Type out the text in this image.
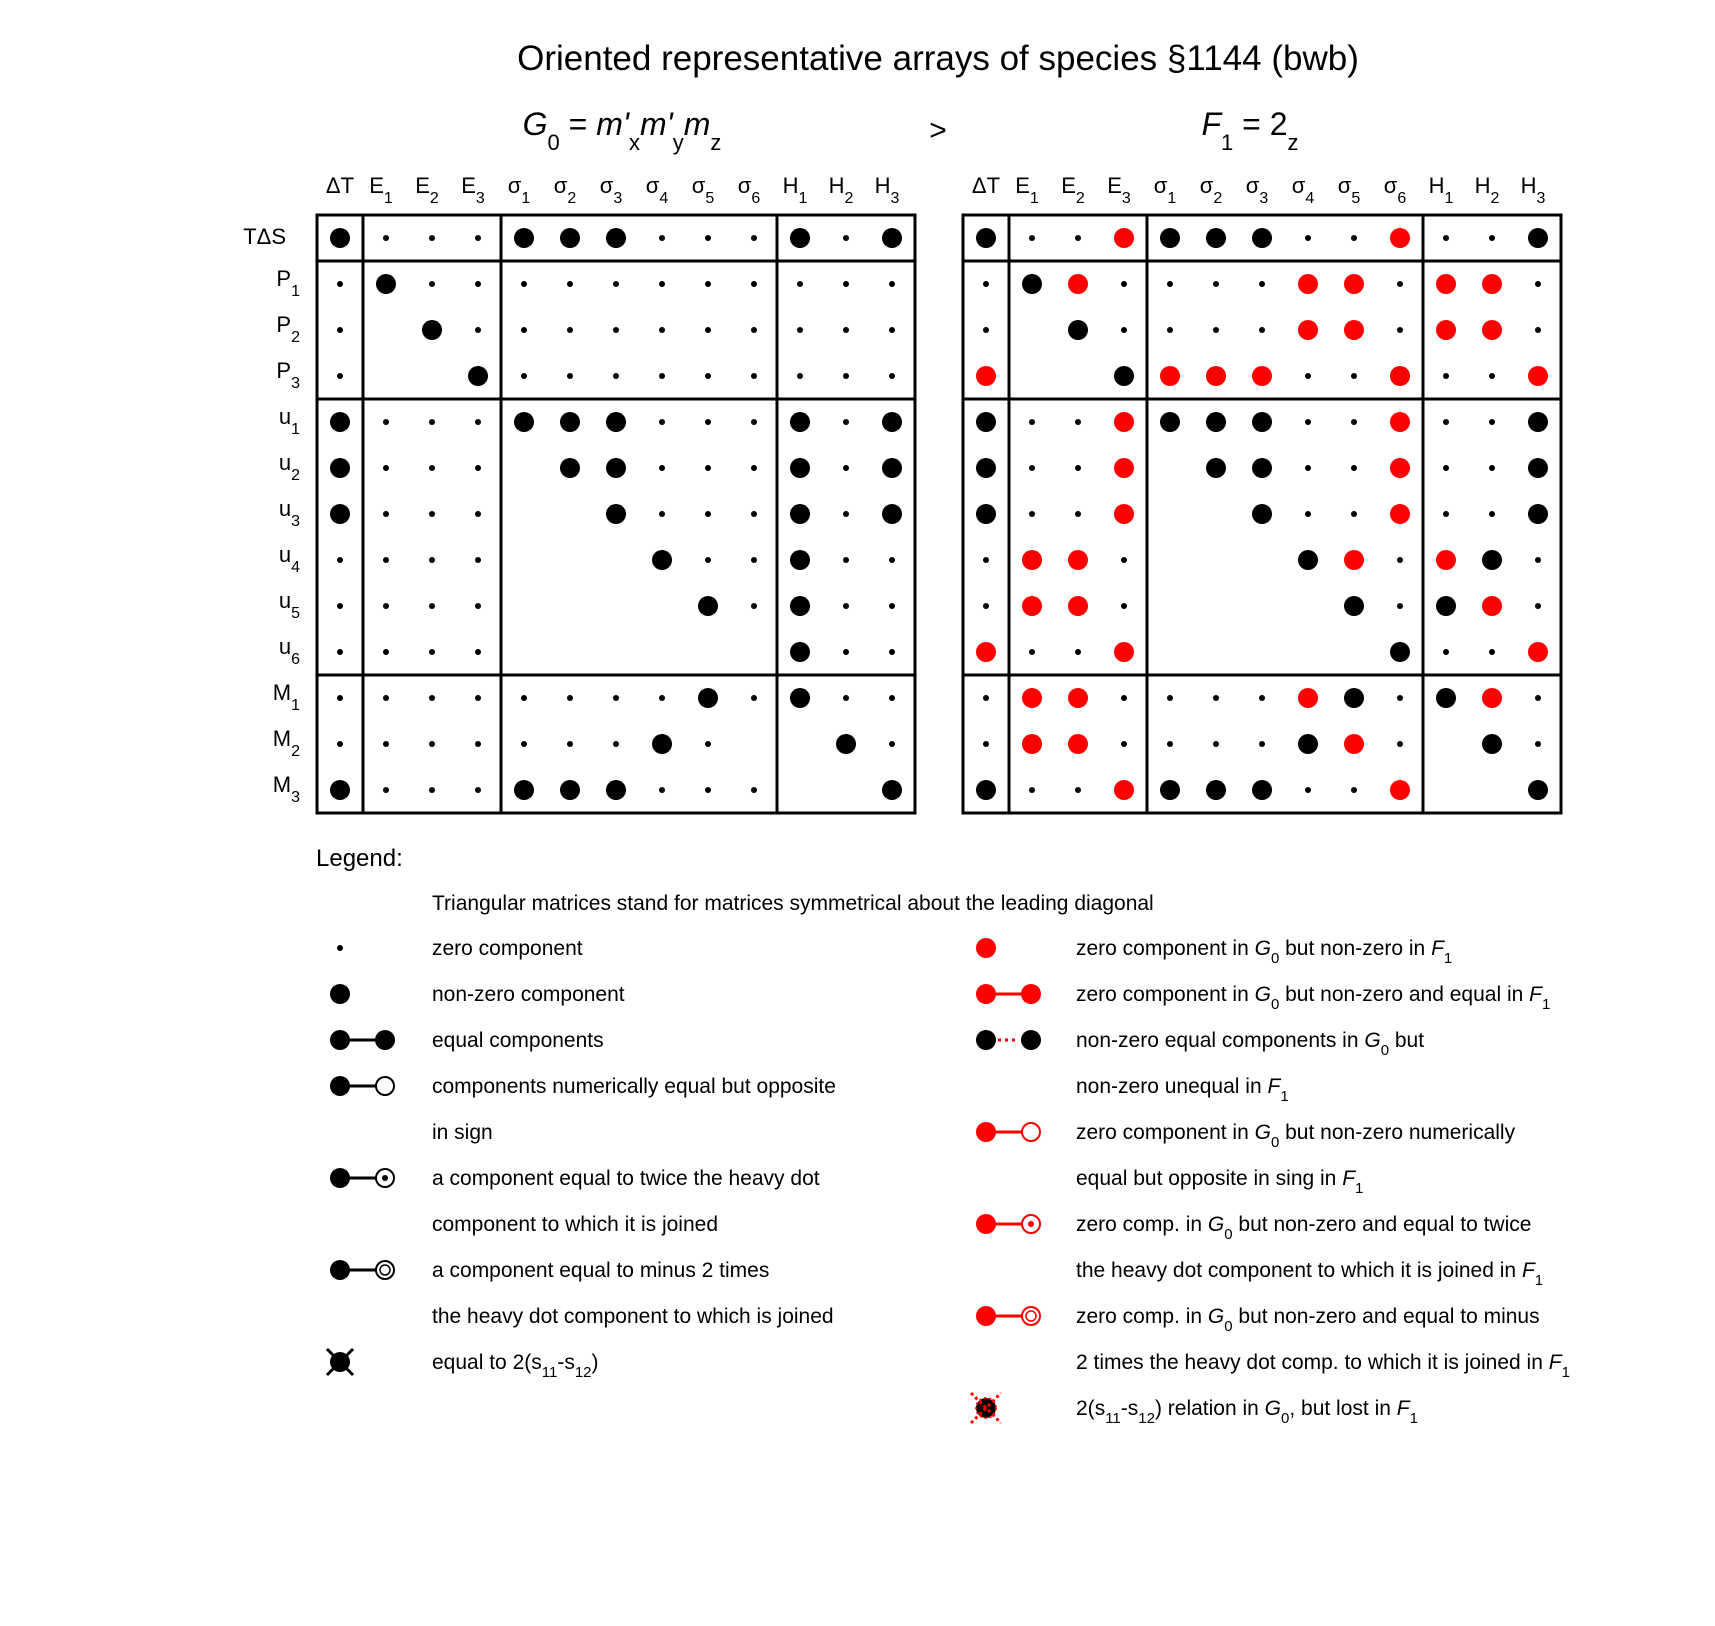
Oriented representative arrays of species §1144 (bwb)
$G_0 = m'_xm'_ym_z$	>	$F_1 = 2_z$
TΔS
$P_1$
$P_2$
$P_3$
$u_1$
$u_2$
$u_3$
$u_4$
$u_5$
$u_6$
$M_1$
$M_2$
$M_3$
ΔT $E_1$
$E_2$
$E_3$
$\sigma_1$
$\sigma_2$
$\sigma_3$
$\sigma_4$
$\sigma_5$
$\sigma_6$
$H_1$
$H_2$
$H_3$
ΔT $E_1$
$E_2$
$E_3$
$\sigma_1$
$\sigma_2$
$\sigma_3$
$\sigma_4$
$\sigma_5$
$\sigma_6$
$H_1$
$H_2$
$H_3$
Legend:
Triangular matrices stand for matrices symmetrical about the leading diagonal
zero component
non-zero component
equal components
components numerically equal but opposite
in sign
a component equal to twice the heavy dot
component to which it is joined
a component equal to minus 2 times
the heavy dot component to which is joined
equal to $2(s_{11}-s_{12})$
zero component in $G_0$ but non-zero in $F_1$
zero component in $G_0$ but non-zero and equal in $F_1$
non-zero equal components in $G_0$ but
non-zero unequal in $F_1$
zero component in $G_0$ but non-zero numerically
equal but opposite in sing in $F_1$
zero comp. in $G_0$ but non-zero and equal to twice
the heavy dot component to which it is joined in $F_1$
zero comp. in $G_0$ but non-zero and equal to minus
2 times the heavy dot comp. to which it is joined in $F_1$
$2(s_{11}-s_{12})$ relation in $G_0$, but lost in $F_1$
